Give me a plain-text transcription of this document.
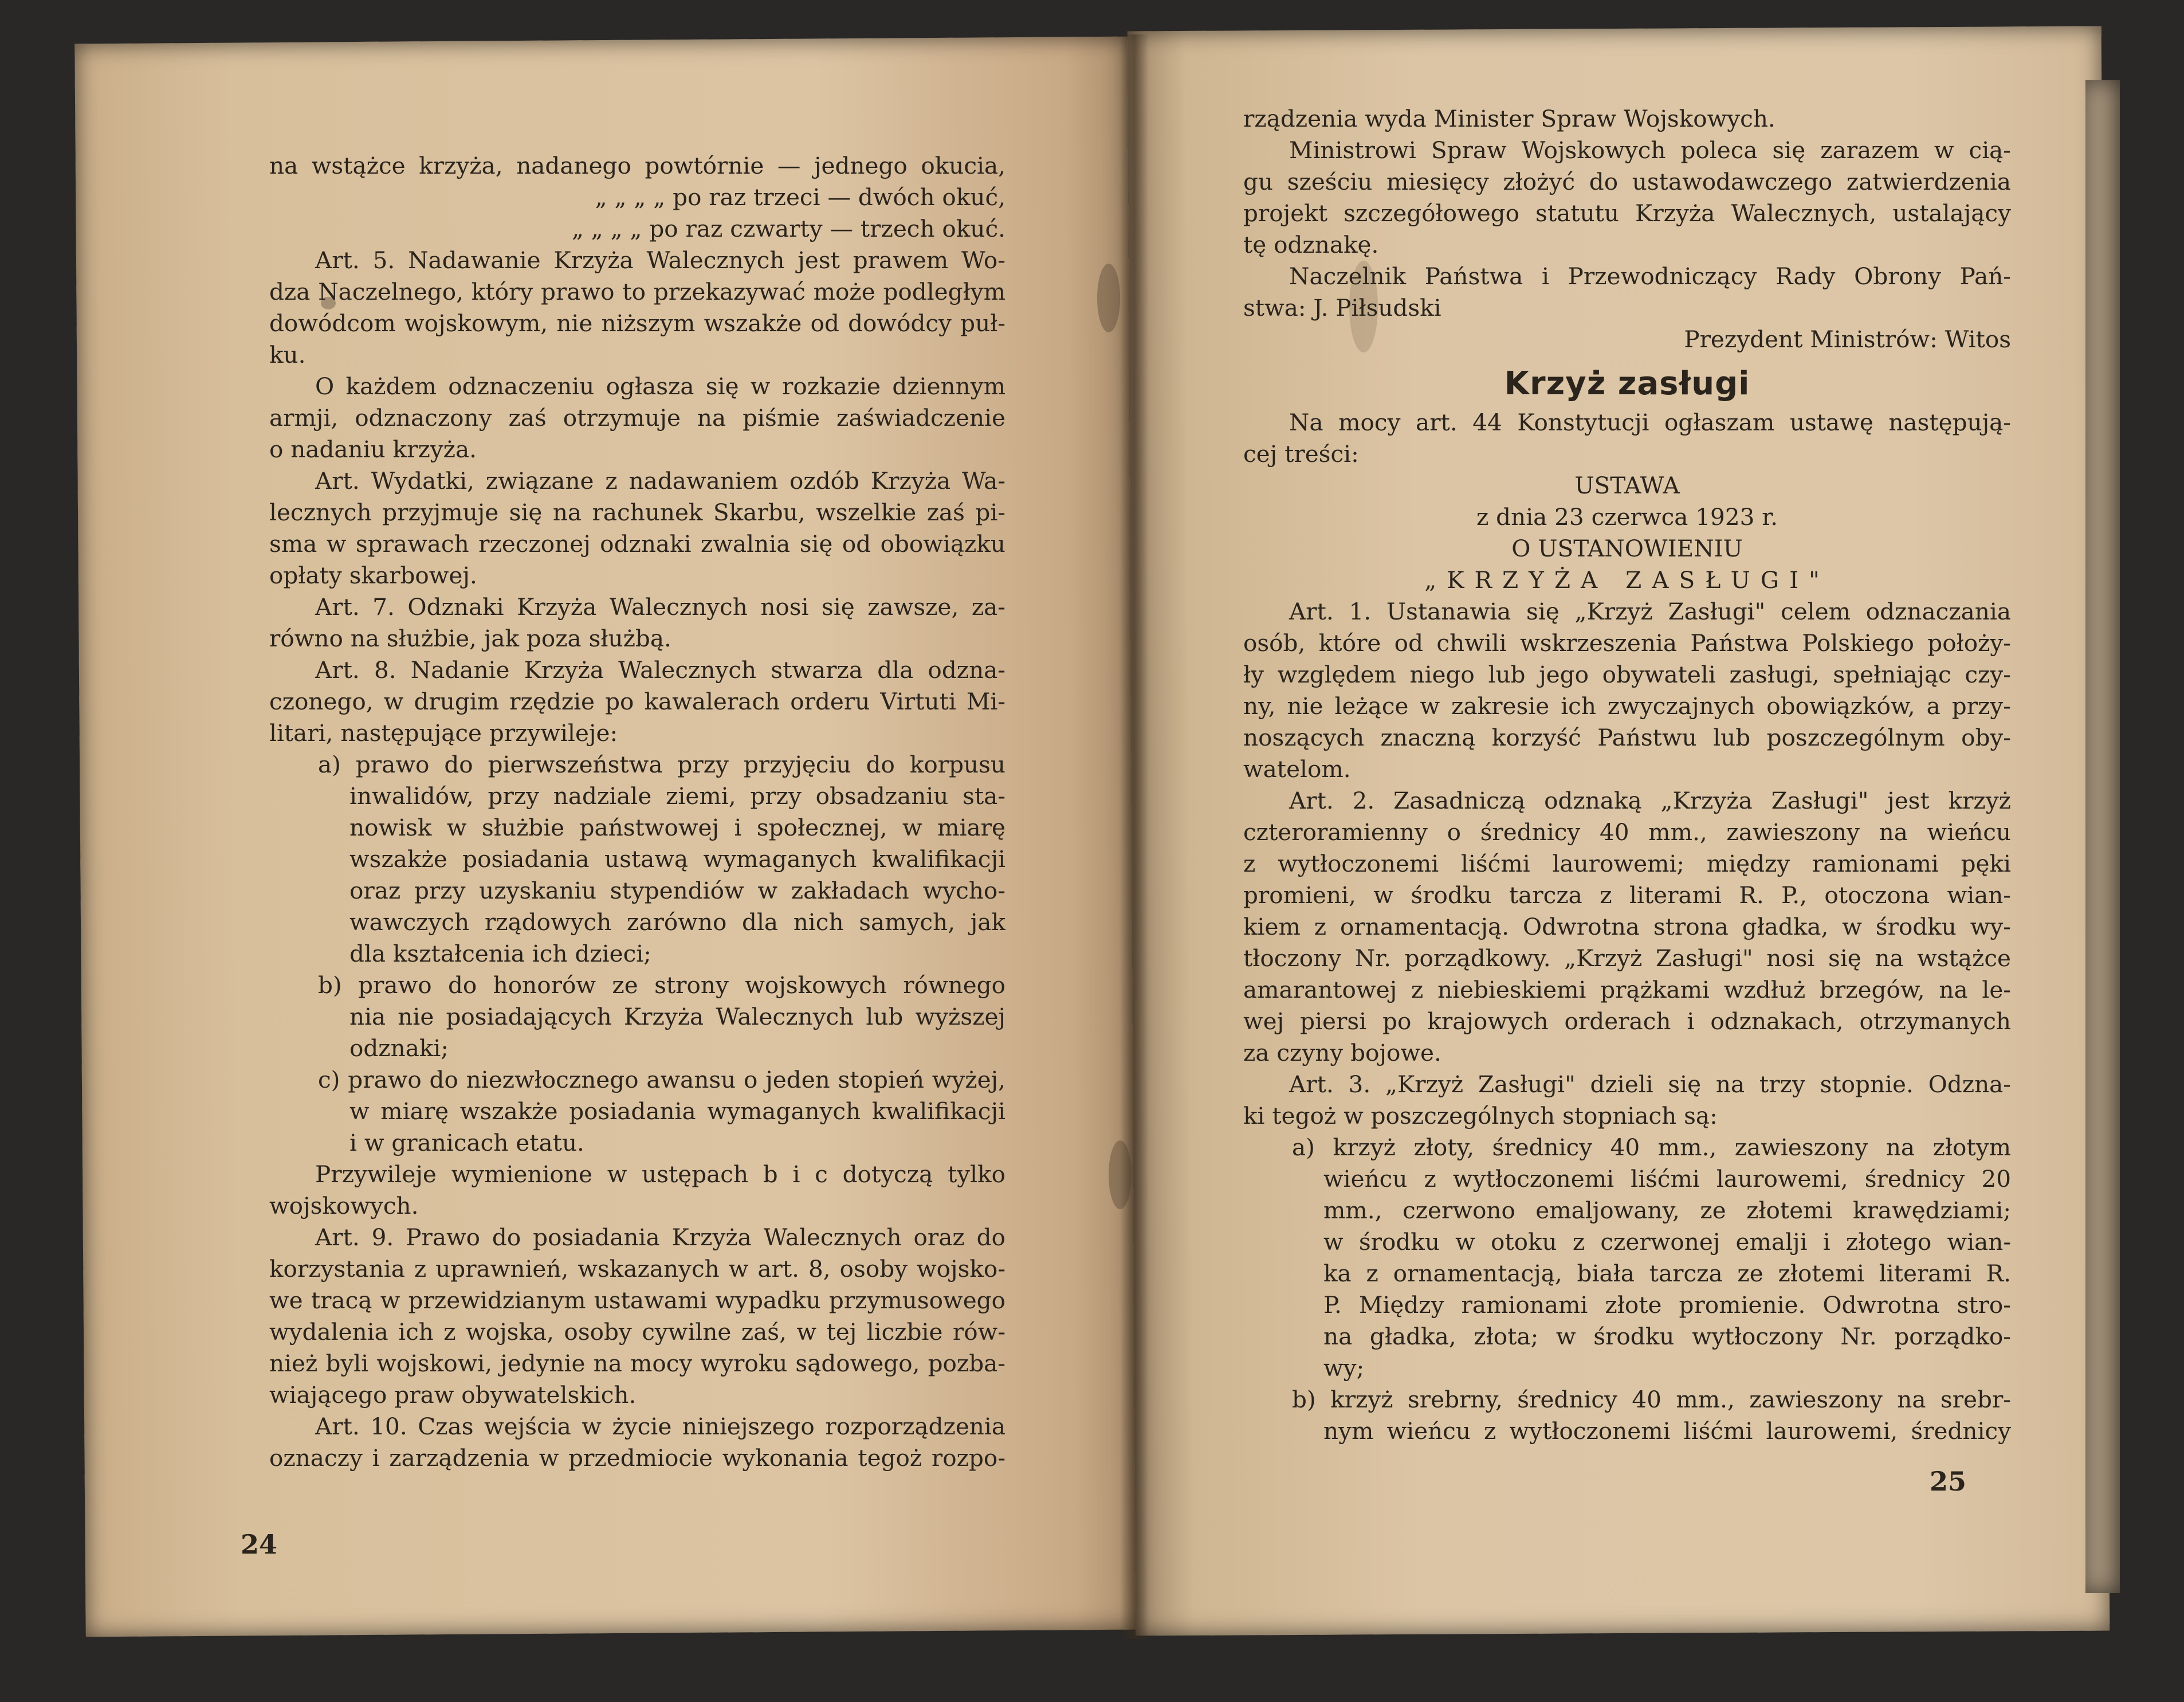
na wstążce krzyża, nadanego powtórnie — jednego okucia,
„ „ „ „ po raz trzeci — dwóch okuć,
„ „ „ „ po raz czwarty — trzech okuć.
Art. 5. Nadawanie Krzyża Walecznych jest prawem Wo-
dza Naczelnego, który prawo to przekazywać może podległym
dowódcom wojskowym, nie niższym wszakże od dowódcy puł-
ku.
O każdem odznaczeniu ogłasza się w rozkazie dziennym
armji, odznaczony zaś otrzymuje na piśmie zaświadczenie
o nadaniu krzyża.
Art. Wydatki, związane z nadawaniem ozdób Krzyża Wa-
lecznych przyjmuje się na rachunek Skarbu, wszelkie zaś pi-
sma w sprawach rzeczonej odznaki zwalnia się od obowiązku
opłaty skarbowej.
Art. 7. Odznaki Krzyża Walecznych nosi się zawsze, za-
równo na służbie, jak poza służbą.
Art. 8. Nadanie Krzyża Walecznych stwarza dla odzna-
czonego, w drugim rzędzie po kawalerach orderu Virtuti Mi-
litari, następujące przywileje:
a) prawo do pierwszeństwa przy przyjęciu do korpusu
inwalidów, przy nadziale ziemi, przy obsadzaniu sta-
nowisk w służbie państwowej i społecznej, w miarę
wszakże posiadania ustawą wymaganych kwalifikacji
oraz przy uzyskaniu stypendiów w zakładach wycho-
wawczych rządowych zarówno dla nich samych, jak
dla kształcenia ich dzieci;
b) prawo do honorów ze strony wojskowych równego
nia nie posiadających Krzyża Walecznych lub wyższej
odznaki;
c) prawo do niezwłocznego awansu o jeden stopień wyżej,
w miarę wszakże posiadania wymaganych kwalifikacji
i w granicach etatu.
Przywileje wymienione w ustępach b i c dotyczą tylko
wojskowych.
Art. 9. Prawo do posiadania Krzyża Walecznych oraz do
korzystania z uprawnień, wskazanych w art. 8, osoby wojsko-
we tracą w przewidzianym ustawami wypadku przymusowego
wydalenia ich z wojska, osoby cywilne zaś, w tej liczbie rów-
nież byli wojskowi, jedynie na mocy wyroku sądowego, pozba-
wiającego praw obywatelskich.
Art. 10. Czas wejścia w życie niniejszego rozporządzenia
oznaczy i zarządzenia w przedmiocie wykonania tegoż rozpo-
rządzenia wyda Minister Spraw Wojskowych.
Ministrowi Spraw Wojskowych poleca się zarazem w cią-
gu sześciu miesięcy złożyć do ustawodawczego zatwierdzenia
projekt szczegółowego statutu Krzyża Walecznych, ustalający
tę odznakę.
Naczelnik Państwa i Przewodniczący Rady Obrony Pań-
stwa: J. Piłsudski
Prezydent Ministrów: Witos
Krzyż zasługi
Na mocy art. 44 Konstytucji ogłaszam ustawę następują-
cej treści:
USTAWA
z dnia 23 czerwca 1923 r.
O USTANOWIENIU
„KRZYŻA ZASŁUGI"
Art. 1. Ustanawia się „Krzyż Zasługi" celem odznaczania
osób, które od chwili wskrzeszenia Państwa Polskiego położy-
ły względem niego lub jego obywateli zasługi, spełniając czy-
ny, nie leżące w zakresie ich zwyczajnych obowiązków, a przy-
noszących znaczną korzyść Państwu lub poszczególnym oby-
watelom.
Art. 2. Zasadniczą odznaką „Krzyża Zasługi" jest krzyż
czteroramienny o średnicy 40 mm., zawieszony na wieńcu
z wytłoczonemi liśćmi laurowemi; między ramionami pęki
promieni, w środku tarcza z literami R. P., otoczona wian-
kiem z ornamentacją. Odwrotna strona gładka, w środku wy-
tłoczony Nr. porządkowy. „Krzyż Zasługi" nosi się na wstążce
amarantowej z niebieskiemi prążkami wzdłuż brzegów, na le-
wej piersi po krajowych orderach i odznakach, otrzymanych
za czyny bojowe.
Art. 3. „Krzyż Zasługi" dzieli się na trzy stopnie. Odzna-
ki tegoż w poszczególnych stopniach są:
a) krzyż złoty, średnicy 40 mm., zawieszony na złotym
wieńcu z wytłoczonemi liśćmi laurowemi, średnicy 20
mm., czerwono emaljowany, ze złotemi krawędziami;
w środku w otoku z czerwonej emalji i złotego wian-
ka z ornamentacją, biała tarcza ze złotemi literami R.
P. Między ramionami złote promienie. Odwrotna stro-
na gładka, złota; w środku wytłoczony Nr. porządko-
wy;
b) krzyż srebrny, średnicy 40 mm., zawieszony na srebr-
nym wieńcu z wytłoczonemi liśćmi laurowemi, średnicy
24
25
